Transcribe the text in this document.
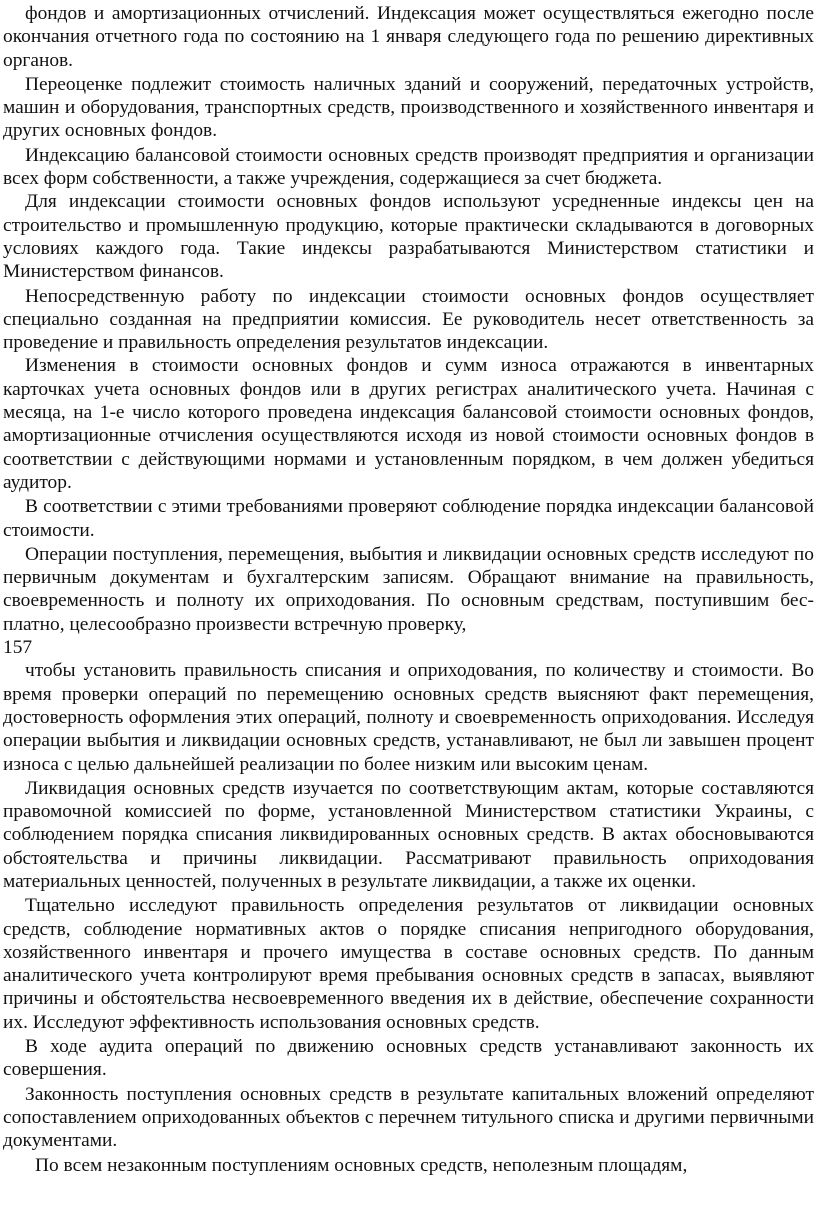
фондов и амортизационных отчислений. Индексация может осуществляться ежегодно после окончания отчетного года по состоянию на 1 января следующего года по решению директивных органов.

Переоценке подлежит стоимость наличных зданий и сооружений, передаточных устройств, машин и оборудования, транспортных средств, производственного и хозяйственного инвентаря и других основных фондов.

Индексацию балансовой стоимости основных средств производят предприятия и организации всех форм собственности, а также учреждения, содержащиеся за счет бюджета.

Для индексации стоимости основных фондов используют усредненные индексы цен на строительство и промышленную продукцию, которые практически складываются в договорных условиях каждого года. Такие индексы разрабатываются Министерством статистики и Министерством финансов.

Непосредственную работу по индексации стоимости основных фондов осуществляет специально созданная на предприятии комиссия. Ее руководитель несет ответственность за проведение и правильность определения результатов индексации.

Изменения в стоимости основных фондов и сумм износа отражаются в инвентарных карточках учета основных фондов или в других регистрах аналитического учета. Начиная с месяца, на 1-е число которого проведена индексация балансовой стоимости основных фондов, амортизационные отчисления осуществляются исходя из новой стоимости основных фондов в соответствии с действующими нормами и установленным порядком, в чем должен убедиться аудитор.

В соответствии с этими требованиями проверяют соблюдение порядка индексации балансовой стоимости.

Операции поступления, перемещения, выбытия и ликвидации основных средств исследуют по первичным документам и бухгалтерским записям. Обращают внимание на правильность, своевременность и полноту их оприходования. По основным средствам, поступившим бес-платно, целесообразно произвести встречную проверку,

157

чтобы установить правильность списания и оприходования, по количеству и стоимости. Во время проверки операций по перемещению основных средств выясняют факт перемещения, достоверность оформления этих операций, полноту и своевременность оприходования. Исследуя операции выбытия и ликвидации основных средств, устанавливают, не был ли завышен процент износа с целью дальнейшей реализации по более низким или высоким ценам.

Ликвидация основных средств изучается по соответствующим актам, которые составляются правомочной комиссией по форме, установленной Министерством статистики Украины, с соблюдением порядка списания ликвидированных основных средств. В актах обосновываются обстоятельства и причины ликвидации. Рассматривают правильность оприходования материальных ценностей, полученных в результате ликвидации, а также их оценки.

Тщательно исследуют правильность определения результатов от ликвидации основных средств, соблюдение нормативных актов о порядке списания непригодного оборудования, хозяйственного инвентаря и прочего имущества в составе основных средств. По данным аналитического учета контролируют время пребывания основных средств в запасах, выявляют причины и обстоятельства несвоевременного введения их в действие, обеспечение сохранности их. Исследуют эффективность использования основных средств.

В ходе аудита операций по движению основных средств устанавливают законность их совершения.

Законность поступления основных средств в результате капитальных вложений определяют сопоставлением оприходованных объектов с перечнем титульного списка и другими первичными документами.

По всем незаконным поступлениям основных средств, неполезным площадям,
